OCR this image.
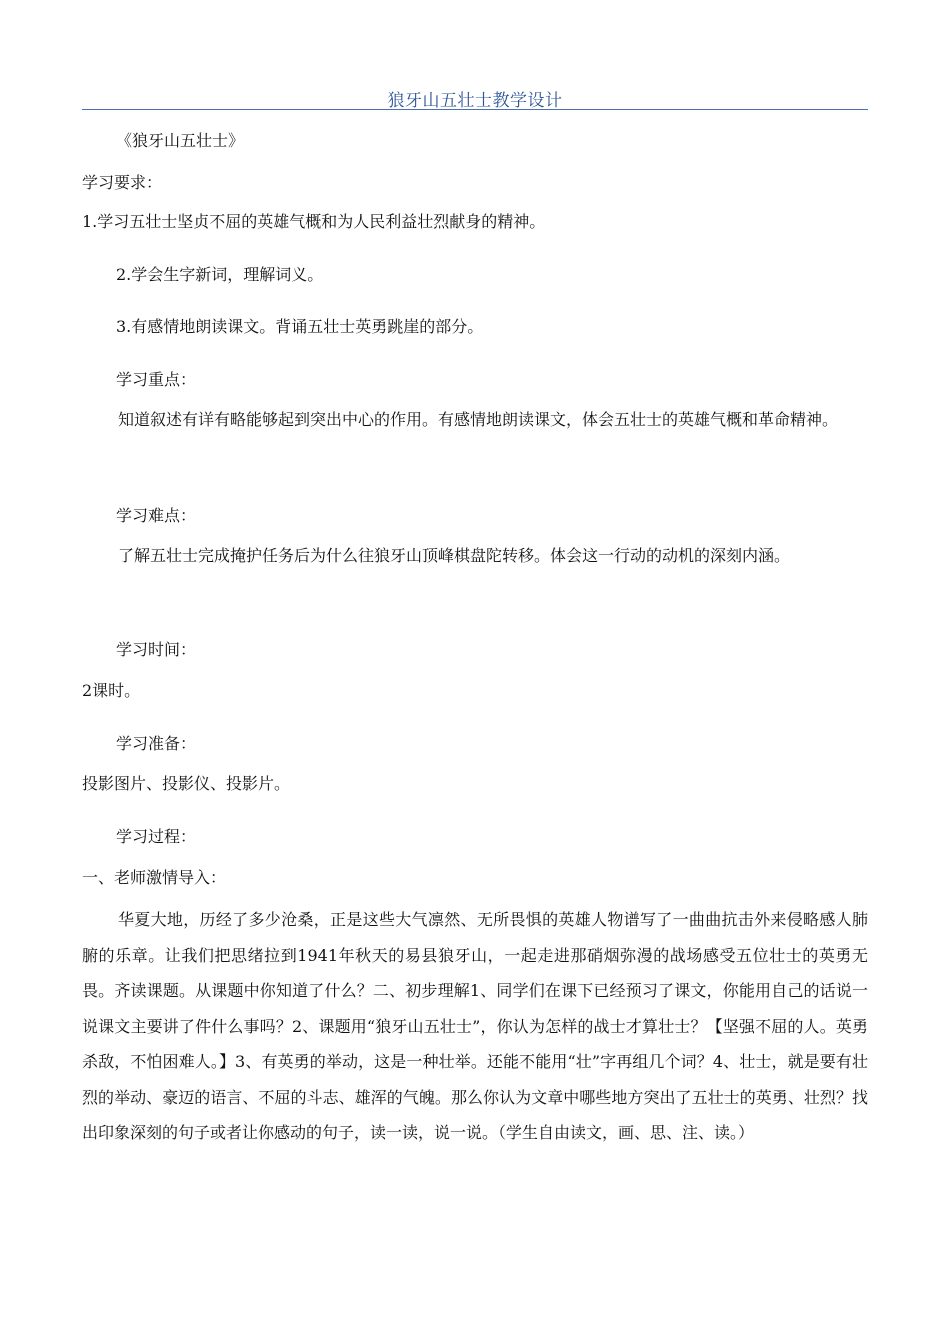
狼牙山五壮士教学设计
《狼牙山五壮士》
学习要求：
1.学习五壮士坚贞不屈的英雄气概和为人民利益壮烈献身的精神。
2.学会生字新词，理解词义。
3.有感情地朗读课文。背诵五壮士英勇跳崖的部分。
学习重点：
知道叙述有详有略能够起到突出中心的作用。有感情地朗读课文，体会五壮士的英雄气概和革命精神。
学习难点：
了解五壮士完成掩护任务后为什么往狼牙山顶峰棋盘陀转移。体会这一行动的动机的深刻内涵。
学习时间：
2课时。
学习准备：
投影图片、投影仪、投影片。
学习过程：
一、老师激情导入：
华夏大地，历经了多少沧桑，正是这些大气凛然、无所畏惧的英雄人物谱写了一曲曲抗击外来侵略感人肺腑的乐章。让我们把思绪拉到1941年秋天的易县狼牙山，一起走进那硝烟弥漫的战场感受五位壮士的英勇无畏。齐读课题。从课题中你知道了什么？二、初步理解1、同学们在课下已经预习了课文，你能用自己的话说一说课文主要讲了件什么事吗？2、课题用“狼牙山五壮士”，你认为怎样的战士才算壮士？【坚强不屈的人。英勇杀敌，不怕困难人。】3、有英勇的举动，这是一种壮举。还能不能用“壮”字再组几个词？4、壮士，就是要有壮烈的举动、豪迈的语言、不屈的斗志、雄浑的气魄。那么你认为文章中哪些地方突出了五壮士的英勇、壮烈？找出印象深刻的句子或者让你感动的句子，读一读，说一说。（学生自由读文，画、思、注、读。）
